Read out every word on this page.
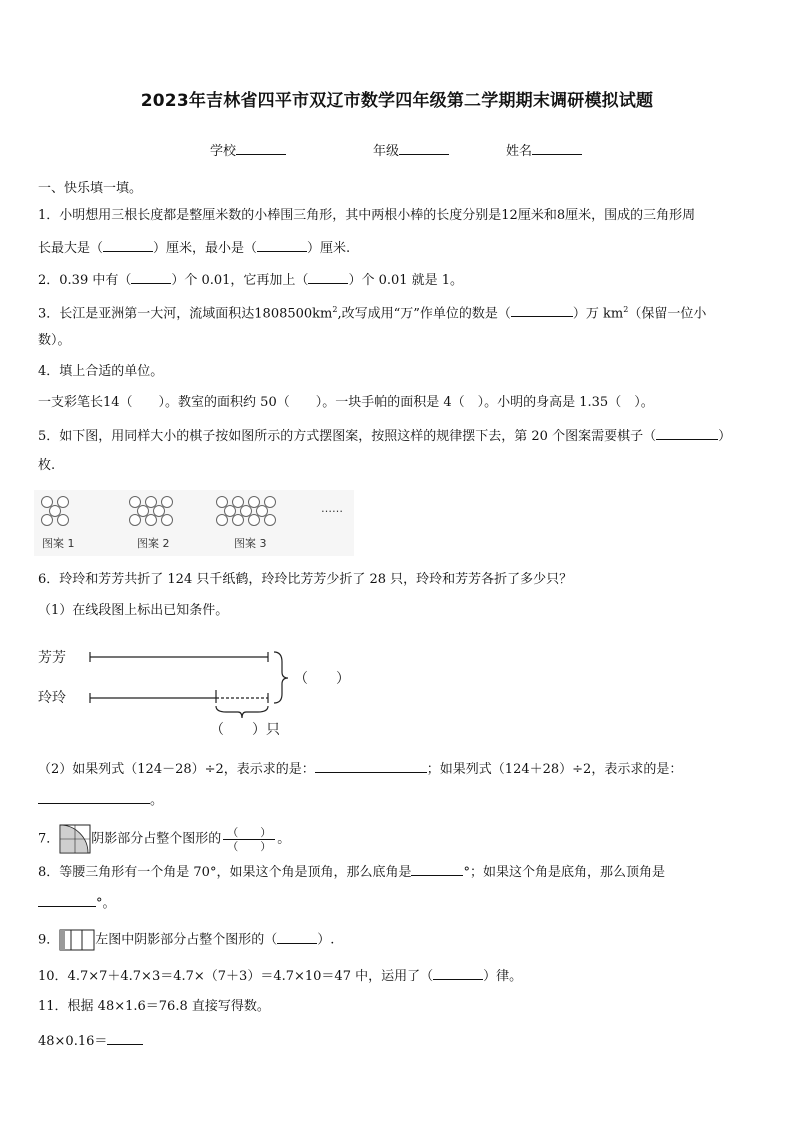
2023年吉林省四平市双辽市数学四年级第二学期期末调研模拟试题
学校	年级	姓名
一、快乐填一填。
1．小明想用三根长度都是整厘米数的小棒围三角形，其中两根小棒的长度分别是12厘米和8厘米，围成的三角形周
长最大是（	）厘米，最小是（	）厘米.
2．0.39 中有（	）个 0.01，它再加上（	）个 0.01 就是 1。
3．长江是亚洲第一大河，流域面积达$1808500km^2$,改写成用“万”作单位的数是（	）万 $km^2$（保留一位小
数）。
4．填上合适的单位。
一支彩笔长14（　　）。教室的面积约 50（　　）。一块手帕的面积是 4（　）。小明的身高是 1.35（　）。
5．如下图，用同样大小的棋子按如图所示的方式摆图案，按照这样的规律摆下去，第 20 个图案需要棋子（	）
枚.
……
图案 1	图案 2	图案 3
6．玲玲和芳芳共折了 124 只千纸鹤，玲玲比芳芳少折了 28 只，玲玲和芳芳各折了多少只？
（1）在线段图上标出已知条件。
芳芳
玲玲
（　　）
（　　）只
（2）如果列式（124－28）÷2，表示求的是：	；如果列式（124＋28）÷2，表示求的是：
。
7． 阴影部分占整个图形的 $\frac{( )}{( )}$ 。
8．等腰三角形有一个角是 70°，如果这个角是顶角，那么底角是	°；如果这个角是底角，那么顶角是
°。
9．	左图中阴影部分占整个图形的（	）.
10．4.7×7＋4.7×3＝4.7×（7＋3）＝4.7×10＝47 中，运用了（	）律。
11．根据 48×1.6＝76.8 直接写得数。
48×0.16＝
